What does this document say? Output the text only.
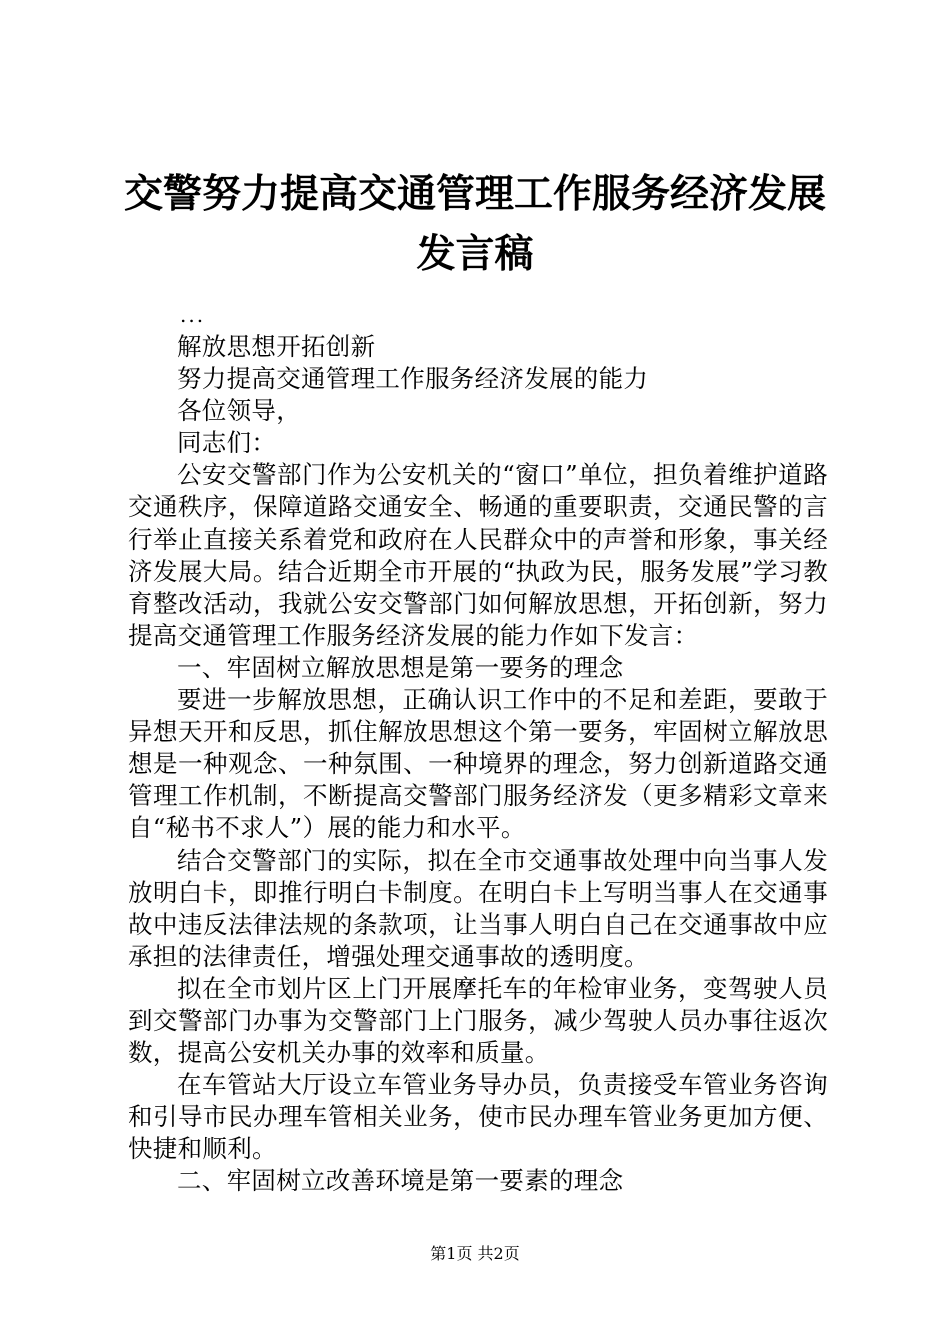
交警努力提高交通管理工作服务经济发展发言稿
...

解放思想开拓创新

努力提高交通管理工作服务经济发展的能力

各位领导，

同志们：

公安交警部门作为公安机关的“窗口”单位，担负着维护道路交通秩序，保障道路交通安全、畅通的重要职责，交通民警的言行举止直接关系着党和政府在人民群众中的声誉和形象，事关经济发展大局。结合近期全市开展的“执政为民，服务发展”学习教育整改活动，我就公安交警部门如何解放思想，开拓创新，努力提高交通管理工作服务经济发展的能力作如下发言：

一、牢固树立解放思想是第一要务的理念

要进一步解放思想，正确认识工作中的不足和差距，要敢于异想天开和反思，抓住解放思想这个第一要务，牢固树立解放思想是一种观念、一种氛围、一种境界的理念，努力创新道路交通管理工作机制，不断提高交警部门服务经济发（更多精彩文章来自“秘书不求人”）展的能力和水平。

结合交警部门的实际，拟在全市交通事故处理中向当事人发放明白卡，即推行明白卡制度。在明白卡上写明当事人在交通事故中违反法律法规的条款项，让当事人明白自己在交通事故中应承担的法律责任，增强处理交通事故的透明度。

拟在全市划片区上门开展摩托车的年检审业务，变驾驶人员到交警部门办事为交警部门上门服务，减少驾驶人员办事往返次数，提高公安机关办事的效率和质量。

在车管站大厅设立车管业务导办员，负责接受车管业务咨询和引导市民办理车管相关业务，使市民办理车管业务更加方便、快捷和顺利。

二、牢固树立改善环境是第一要素的理念

第1页 共2页
